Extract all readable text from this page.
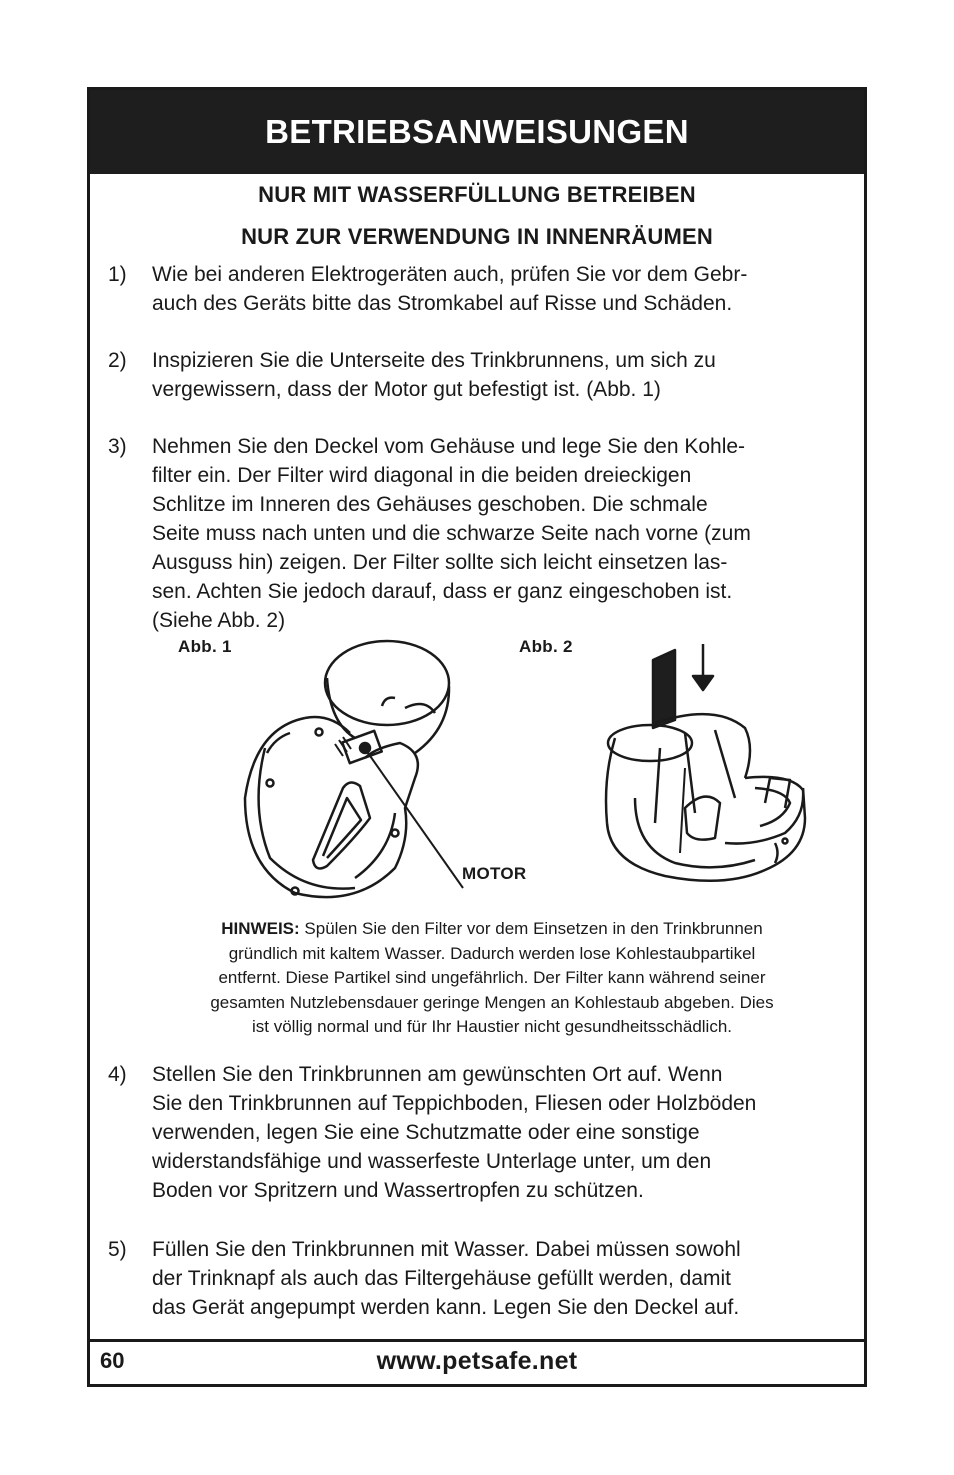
BETRIEBSANWEISUNGEN
NUR MIT WASSERFÜLLUNG BETREIBEN
NUR ZUR VERWENDUNG IN INNENRÄUMEN
1) Wie bei anderen Elektrogeräten auch, prüfen Sie vor dem Gebr-
auch des Geräts bitte das Stromkabel auf Risse und Schäden.
2) Inspizieren Sie die Unterseite des Trinkbrunnens, um sich zu
vergewissern, dass der Motor gut befestigt ist. (Abb. 1)
3) Nehmen Sie den Deckel vom Gehäuse und lege Sie den Kohle-
filter ein. Der Filter wird diagonal in die beiden dreieckigen
Schlitze im Inneren des Gehäuses geschoben. Die schmale
Seite muss nach unten und die schwarze Seite nach vorne (zum
Ausguss hin) zeigen. Der Filter sollte sich leicht einsetzen las-
sen. Achten Sie jedoch darauf, dass er ganz eingeschoben ist.
(Siehe Abb. 2)
Abb. 1
MOTOR
Abb. 2
HINWEIS: Spülen Sie den Filter vor dem Einsetzen in den Trinkbrunnen
gründlich mit kaltem Wasser. Dadurch werden lose Kohlestaubpartikel
entfernt. Diese Partikel sind ungefährlich. Der Filter kann während seiner
gesamten Nutzlebensdauer geringe Mengen an Kohlestaub abgeben. Dies
ist völlig normal und für Ihr Haustier nicht gesundheitsschädlich.
4) Stellen Sie den Trinkbrunnen am gewünschten Ort auf. Wenn
Sie den Trinkbrunnen auf Teppichboden, Fliesen oder Holzböden
verwenden, legen Sie eine Schutzmatte oder eine sonstige
widerstandsfähige und wasserfeste Unterlage unter, um den
Boden vor Spritzern und Wassertropfen zu schützen.
5) Füllen Sie den Trinkbrunnen mit Wasser. Dabei müssen sowohl
der Trinknapf als auch das Filtergehäuse gefüllt werden, damit
das Gerät angepumpt werden kann. Legen Sie den Deckel auf.
60	www.petsafe.net
